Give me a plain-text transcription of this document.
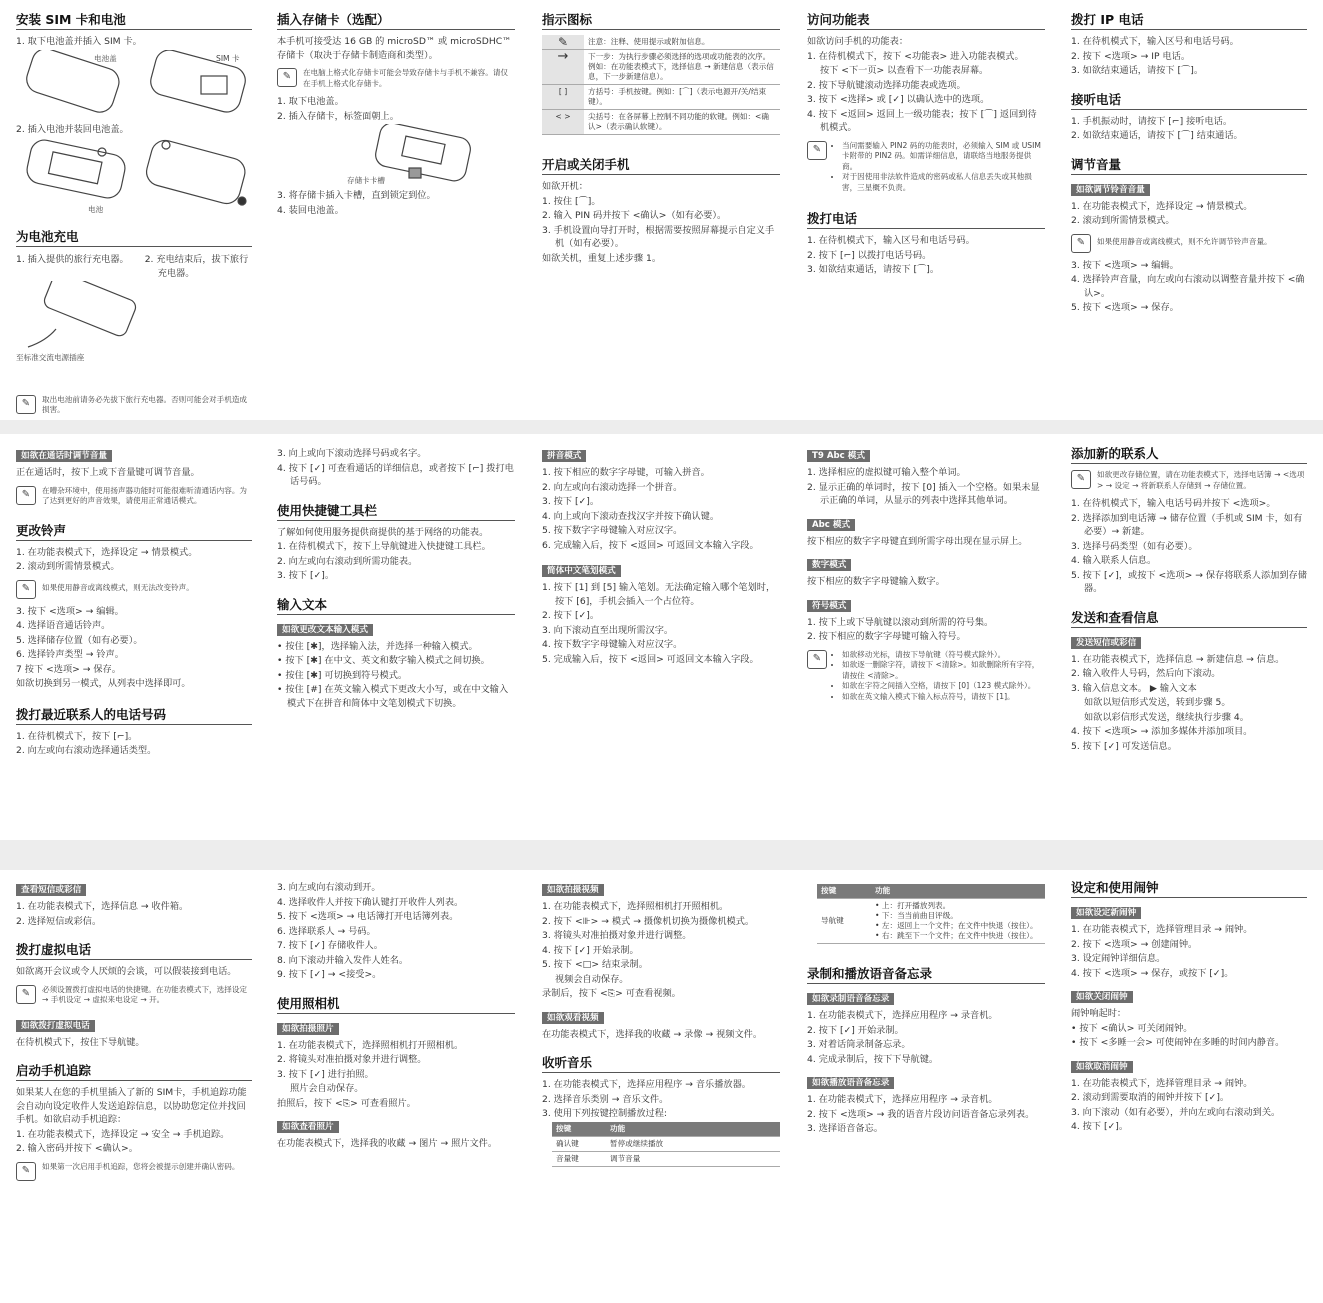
安装 SIM 卡和电池
1. 取下电池盖并插入 SIM 卡。
电池盖	SIM 卡
2. 插入电池并装回电池盖。
电池
为电池充电
1. 插入提供的旅行充电器。	2. 充电结束后，拔下旅行充电器。
至标准交流电源插座
✎	取出电池前请务必先拔下旅行充电器。否则可能会对手机造成损害。
插入存储卡（选配）
本手机可接受达 16 GB 的 microSD™ 或 microSDHC™ 存储卡（取决于存储卡制造商和类型）。
✎	在电脑上格式化存储卡可能会导致存储卡与手机不兼容。请仅在手机上格式化存储卡。
1. 取下电池盖。
2. 插入存储卡，标签面朝上。
存储卡卡槽
3. 将存储卡插入卡槽，直到锁定到位。
4. 装回电池盖。
指示图标
✎	注意：注释、使用提示或附加信息。
→	下一步：为执行步骤必须选择的选项或功能表的次序。例如：在功能表模式下，选择信息 → 新建信息（表示信息，下一步新建信息）。
[ ]	方括号：手机按键。例如：[⌒]（表示电源开/关/结束键）。
< >	尖括号：在各屏幕上控制不同功能的软键。例如：<确认>（表示确认软键）。
开启或关闭手机
如欲开机：
1. 按住 [⌒]。
2. 输入 PIN 码并按下 <确认>（如有必要）。
3. 手机设置向导打开时，根据需要按照屏幕提示自定义手机（如有必要）。
如欲关机，重复上述步骤 1。
访问功能表
如欲访问手机的功能表：
1. 在待机模式下，按下 <功能表> 进入功能表模式。
按下 <下一页> 以查看下一功能表屏幕。
2. 按下导航键滚动选择功能表或选项。
3. 按下 <选择> 或 [✓] 以确认选中的选项。
4. 按下 <返回> 返回上一级功能表；按下 [⌒] 返回到待机模式。
✎	• 当问需要输入 PIN2 码的功能表时，必须输入 SIM 或 USIM 卡附带的 PIN2 码。如需详细信息，请联络当地服务提供商。
• 对于因使用非法软件造成的密码或私人信息丢失或其他损害，三星概不负责。
拨打电话
1. 在待机模式下，输入区号和电话号码。
2. 按下 [⌐] 以拨打电话号码。
3. 如欲结束通话，请按下 [⌒]。
拨打 IP 电话
1. 在待机模式下，输入区号和电话号码。
2. 按下 <选项> → IP 电话。
3. 如欲结束通话，请按下 [⌒]。
接听电话
1. 手机振动时，请按下 [⌐] 接听电话。
2. 如欲结束通话，请按下 [⌒] 结束通话。
调节音量
如欲调节铃音音量
1. 在功能表模式下，选择设定 → 情景模式。
2. 滚动到所需情景模式。
✎	如果使用静音或离线模式，则不允许调节铃声音量。
3. 按下 <选项> → 编辑。
4. 选择铃声音量，向左或向右滚动以调整音量并按下 <确认>。
5. 按下 <选项> → 保存。
如欲在通话时调节音量
正在通话时，按下上或下音量键可调节音量。
✎	在嘈杂环境中，使用扬声器功能时可能很难听清通话内容。为了达到更好的声音效果，请使用正常通话模式。
更改铃声
1. 在功能表模式下，选择设定 → 情景模式。
2. 滚动到所需情景模式。
✎	如果使用静音或离线模式，则无法改变铃声。
3. 按下 <选项> → 编辑。
4. 选择语音通话铃声。
5. 选择储存位置（如有必要）。
6. 选择铃声类型 → 铃声。
7 按下 <选项> → 保存。
如欲切换到另一模式，从列表中选择即可。
拨打最近联系人的电话号码
1. 在待机模式下，按下 [⌐]。
2. 向左或向右滚动选择通话类型。
3. 向上或向下滚动选择号码或名字。
4. 按下 [✓] 可查看通话的详细信息，或者按下 [⌐] 拨打电话号码。
使用快捷键工具栏
了解如何使用服务提供商提供的基于网络的功能表。
1. 在待机模式下，按下上导航键进入快捷键工具栏。
2. 向左或向右滚动到所需功能表。
3. 按下 [✓]。
输入文本
如欲更改文本输入模式
• 按住 [✱]，选择输入法，并选择一种输入模式。
• 按下 [✱] 在中文、英文和数字输入模式之间切换。
• 按住 [✱] 可切换到符号模式。
• 按住 [#] 在英文输入模式下更改大小写，或在中文输入模式下在拼音和简体中文笔划模式下切换。
拼音模式
1. 按下相应的数字字母键，可输入拼音。
2. 向左或向右滚动选择一个拼音。
3. 按下 [✓]。
4. 向上或向下滚动查找汉字并按下确认键。
5. 按下数字字母键输入对应汉字。
6. 完成输入后，按下 <返回> 可返回文本输入字段。
简体中文笔划模式
1. 按下 [1] 到 [5] 输入笔划。无法确定输入哪个笔划时，按下 [6]，手机会插入一个占位符。
2. 按下 [✓]。
3. 向下滚动直至出现所需汉字。
4. 按下数字字母键输入对应汉字。
5. 完成输入后，按下 <返回> 可返回文本输入字段。
T9 Abc 模式
1. 选择相应的虚拟键可输入整个单词。
2. 显示正确的单词时，按下 [0] 插入一个空格。如果未显示正确的单词，从显示的列表中选择其他单词。
Abc 模式
按下相应的数字字母键直到所需字母出现在显示屏上。
数字模式
按下相应的数字字母键输入数字。
符号模式
1. 按下上或下导航键以滚动到所需的符号集。
2. 按下相应的数字字母键可输入符号。
✎	• 如欲移动光标，请按下导航键（符号模式除外）。
• 如欲逐一删除字符，请按下 <清除>。如欲删除所有字符，请按住 <清除>。
• 如欲在字符之间插入空格，请按下 [0]（123 模式除外）。
• 如欲在英文输入模式下输入标点符号，请按下 [1]。
添加新的联系人
✎	如欲更改存储位置，请在功能表模式下，选择电话簿 → <选项> → 设定 → 将新联系人存储到 → 存储位置。
1. 在待机模式下，输入电话号码并按下 <选项>。
2. 选择添加到电话簿 → 储存位置（手机或 SIM 卡，如有必要）→ 新建。
3. 选择号码类型（如有必要）。
4. 输入联系人信息。
5. 按下 [✓]，或按下 <选项> → 保存将联系人添加到存储器。
发送和查看信息
发送短信或彩信
1. 在功能表模式下，选择信息 → 新建信息 → 信息。
2. 输入收件人号码，然后向下滚动。
3. 输入信息文本。 ▶ 输入文本
如欲以短信形式发送，转到步骤 5。
如欲以彩信形式发送，继续执行步骤 4。
4. 按下 <选项> → 添加多媒体并添加项目。
5. 按下 [✓] 可发送信息。
查看短信或彩信
1. 在功能表模式下，选择信息 → 收件箱。
2. 选择短信或彩信。
拨打虚拟电话
如欲离开会议或令人厌烦的会谈，可以假装接到电话。
✎	必须设置拨打虚拟电话的快捷键。在功能表模式下，选择设定 → 手机设定 → 虚拟来电设定 → 开。
如欲拨打虚拟电话
在待机模式下，按住下导航键。
启动手机追踪
如果某人在您的手机里插入了新的 SIM卡，手机追踪功能会自动向设定收件人发送追踪信息，以协助您定位并找回手机。如欲启动手机追踪：
1. 在功能表模式下，选择设定 → 安全 → 手机追踪。
2. 输入密码并按下 <确认>。
✎	如果第一次启用手机追踪，您将会被提示创建并确认密码。
3. 向左或向右滚动到开。
4. 选择收件人并按下确认键打开收件人列表。
5. 按下 <选项> → 电话簿打开电话簿列表。
6. 选择联系人 → 号码。
7. 按下 [✓] 存储收件人。
8. 向下滚动并输入发件人姓名。
9. 按下 [✓] → <接受>。
使用照相机
如欲拍摄照片
1. 在功能表模式下，选择照相机打开照相机。
2. 将镜头对准拍摄对象并进行调整。
3. 按下 [✓] 进行拍照。
照片会自动保存。
拍照后，按下 <⎘> 可查看照片。
如欲查看照片
在功能表模式下，选择我的收藏 → 图片 → 照片文件。
如欲拍摄视频
1. 在功能表模式下，选择照相机打开照相机。
2. 按下 <⊪> → 模式 → 摄像机切换为摄像机模式。
3. 将镜头对准拍摄对象并进行调整。
4. 按下 [✓] 开始录制。
5. 按下 <□> 结束录制。
视频会自动保存。
录制后，按下 <⎘> 可查看视频。
如欲观看视频
在功能表模式下，选择我的收藏 → 录像 → 视频文件。
收听音乐
1. 在功能表模式下，选择应用程序 → 音乐播放器。
2. 选择音乐类别 → 音乐文件。
3. 使用下列按键控制播放过程:
按键	功能
确认键	暂停或继续播放
音量键	调节音量
按键	功能
导航键	• 上：打开播放列表。
• 下：当当前曲目评级。
• 左：返回上一个文件；在文件中快退（按住）。
• 右：跳至下一个文件；在文件中快进（按住）。
录制和播放语音备忘录
如欲录制语音备忘录
1. 在功能表模式下，选择应用程序 → 录音机。
2. 按下 [✓] 开始录制。
3. 对着话筒录制备忘录。
4. 完成录制后，按下下导航键。
如欲播放语音备忘录
1. 在功能表模式下，选择应用程序 → 录音机。
2. 按下 <选项> → 我的语音片段访问语音备忘录列表。
3. 选择语音备忘。
设定和使用闹钟
如欲设定新闹钟
1. 在功能表模式下，选择管理目录 → 闹钟。
2. 按下 <选项> → 创建闹钟。
3. 设定闹钟详细信息。
4. 按下 <选项> → 保存，或按下 [✓]。
如欲关闭闹钟
闹钟响起时：
• 按下 <确认> 可关闭闹钟。
• 按下 <多睡一会> 可使闹钟在多睡的时间内静音。
如欲取消闹钟
1. 在功能表模式下，选择管理目录 → 闹钟。
2. 滚动到需要取消的闹钟并按下 [✓]。
3. 向下滚动（如有必要），并向左或向右滚动到关。
4. 按下 [✓]。
